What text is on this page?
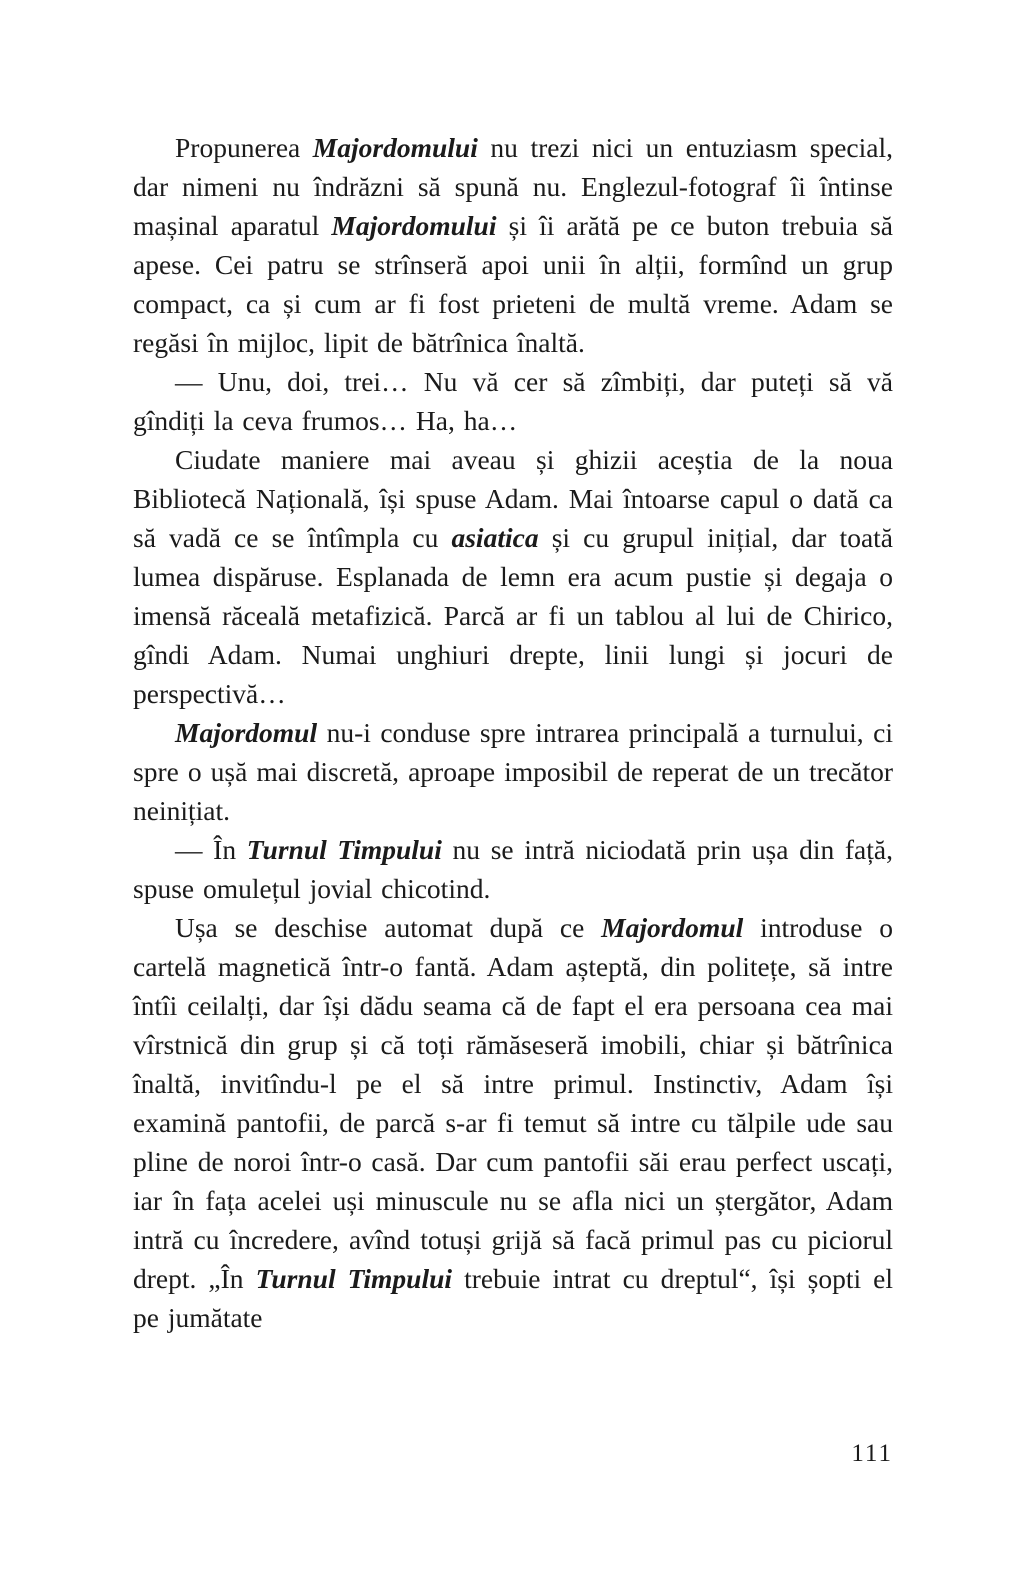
Propunerea Majordomului nu trezi nici un entuziasm special, dar nimeni nu îndrăzni să spună nu. Englezul-fotograf îi întinse mașinal aparatul Majordomului și îi arătă pe ce buton trebuia să apese. Cei patru se strînseră apoi unii în alții, formînd un grup compact, ca și cum ar fi fost prieteni de multă vreme. Adam se regăsi în mijloc, lipit de bătrînica înaltă.

— Unu, doi, trei… Nu vă cer să zîmbiți, dar puteți să vă gîndiți la ceva frumos… Ha, ha…

Ciudate maniere mai aveau și ghizii aceștia de la noua Bibliotecă Națională, își spuse Adam. Mai întoarse capul o dată ca să vadă ce se întîmpla cu asiatica și cu grupul inițial, dar toată lumea dispăruse. Esplanada de lemn era acum pustie și degaja o imensă răceală metafizică. Parcă ar fi un tablou al lui de Chirico, gîndi Adam. Numai unghiuri drepte, linii lungi și jocuri de perspectivă…

Majordomul nu-i conduse spre intrarea principală a turnului, ci spre o ușă mai discretă, aproape imposibil de reperat de un trecător neinițiat.

— În Turnul Timpului nu se intră niciodată prin ușa din față, spuse omulețul jovial chicotind.

Ușa se deschise automat după ce Majordomul introduse o cartelă magnetică într-o fantă. Adam așteptă, din politețe, să intre întîi ceilalți, dar își dădu seama că de fapt el era persoana cea mai vîrstnică din grup și că toți rămăseseră imobili, chiar și bătrînica înaltă, invitîndu-l pe el să intre primul. Instinctiv, Adam își examină pantofii, de parcă s-ar fi temut să intre cu tălpile ude sau pline de noroi într-o casă. Dar cum pantofii săi erau perfect uscați, iar în fața acelei uși minuscule nu se afla nici un ștergător, Adam intră cu încredere, avînd totuși grijă să facă primul pas cu piciorul drept. „În Turnul Timpului trebuie intrat cu dreptul“, își șopti el pe jumătate

111
